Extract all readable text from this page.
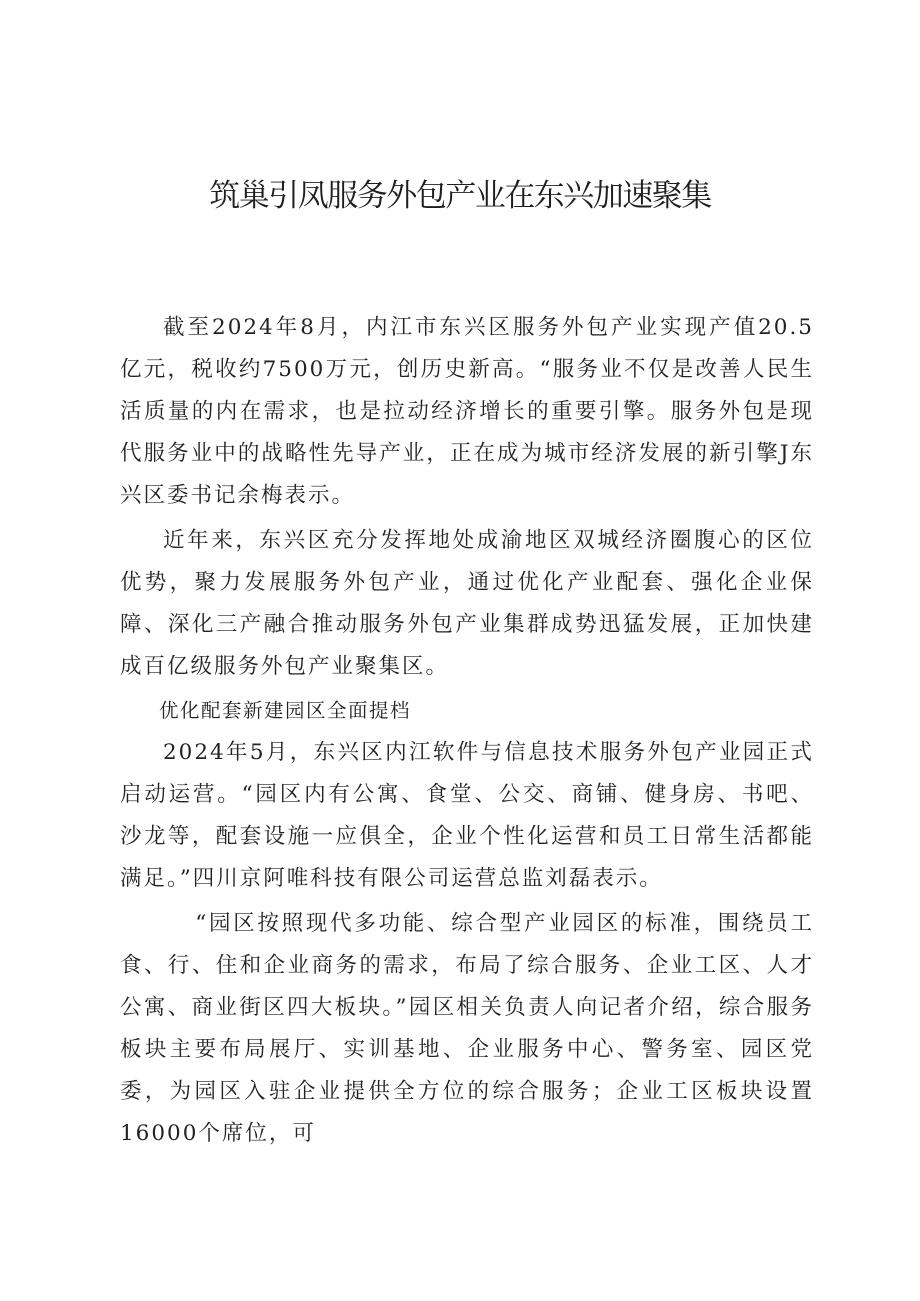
筑巢引凤服务外包产业在东兴加速聚集

截至2024年8月，内江市东兴区服务外包产业实现产值20.5亿元，税收约7500万元，创历史新高。“服务业不仅是改善人民生活质量的内在需求，也是拉动经济增长的重要引擎。服务外包是现代服务业中的战略性先导产业，正在成为城市经济发展的新引擎J东兴区委书记余梅表示。

近年来，东兴区充分发挥地处成渝地区双城经济圈腹心的区位优势，聚力发展服务外包产业，通过优化产业配套、强化企业保障、深化三产融合推动服务外包产业集群成势迅猛发展，正加快建成百亿级服务外包产业聚集区。

优化配套新建园区全面提档

2024年5月，东兴区内江软件与信息技术服务外包产业园正式启动运营。“园区内有公寓、食堂、公交、商铺、健身房、书吧、沙龙等，配套设施一应俱全，企业个性化运营和员工日常生活都能满足。”四川京阿唯科技有限公司运营总监刘磊表示。

“园区按照现代多功能、综合型产业园区的标准，围绕员工食、行、住和企业商务的需求，布局了综合服务、企业工区、人才公寓、商业街区四大板块。”园区相关负责人向记者介绍，综合服务板块主要布局展厅、实训基地、企业服务中心、警务室、园区党委，为园区入驻企业提供全方位的综合服务；企业工区板块设置16000个席位，可
